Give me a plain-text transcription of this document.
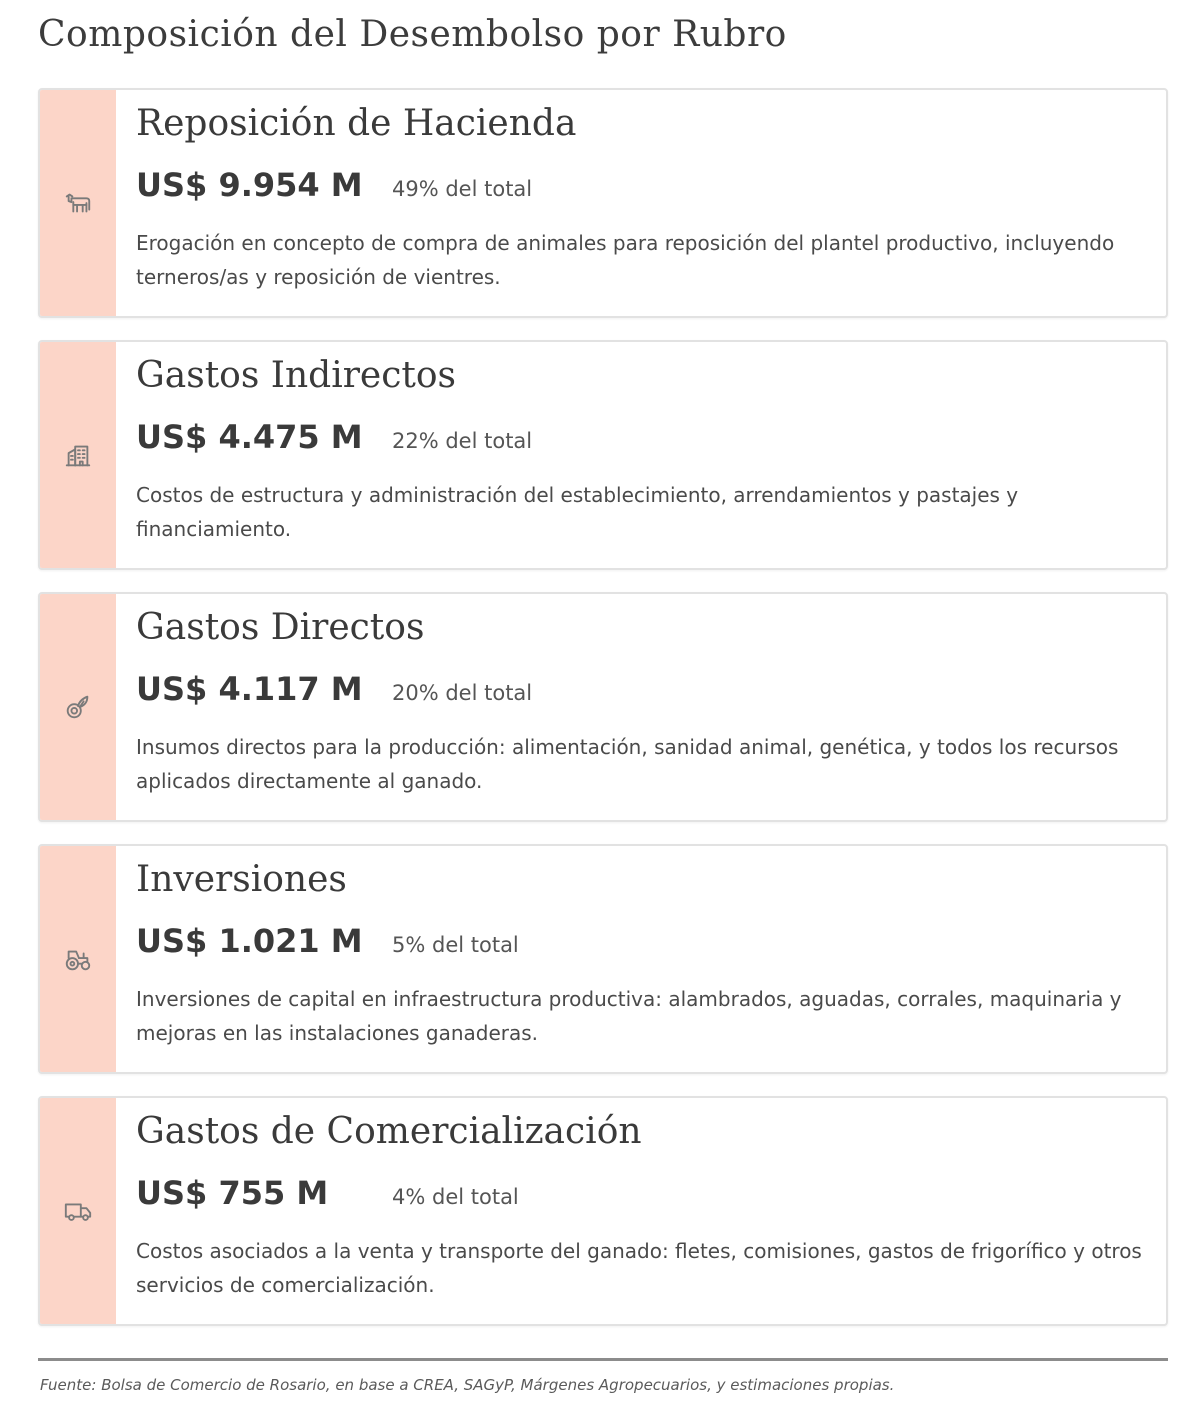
Composición del Desembolso por Rubro
Reposición de Hacienda
US$ 9.954 M	49% del total
Erogación en concepto de compra de animales para reposición del plantel productivo, incluyendo terneros/as y reposición de vientres.
Gastos Indirectos
US$ 4.475 M	22% del total
Costos de estructura y administración del establecimiento, arrendamientos y pastajes y financiamiento.
Gastos Directos
US$ 4.117 M	20% del total
Insumos directos para la producción: alimentación, sanidad animal, genética, y todos los recursos aplicados directamente al ganado.
Inversiones
US$ 1.021 M	5% del total
Inversiones de capital en infraestructura productiva: alambrados, aguadas, corrales, maquinaria y mejoras en las instalaciones ganaderas.
Gastos de Comercialización
US$ 755 M	4% del total
Costos asociados a la venta y transporte del ganado: fletes, comisiones, gastos de frigorífico y otros servicios de comercialización.
Fuente: Bolsa de Comercio de Rosario, en base a CREA, SAGyP, Márgenes Agropecuarios, y estimaciones propias.
